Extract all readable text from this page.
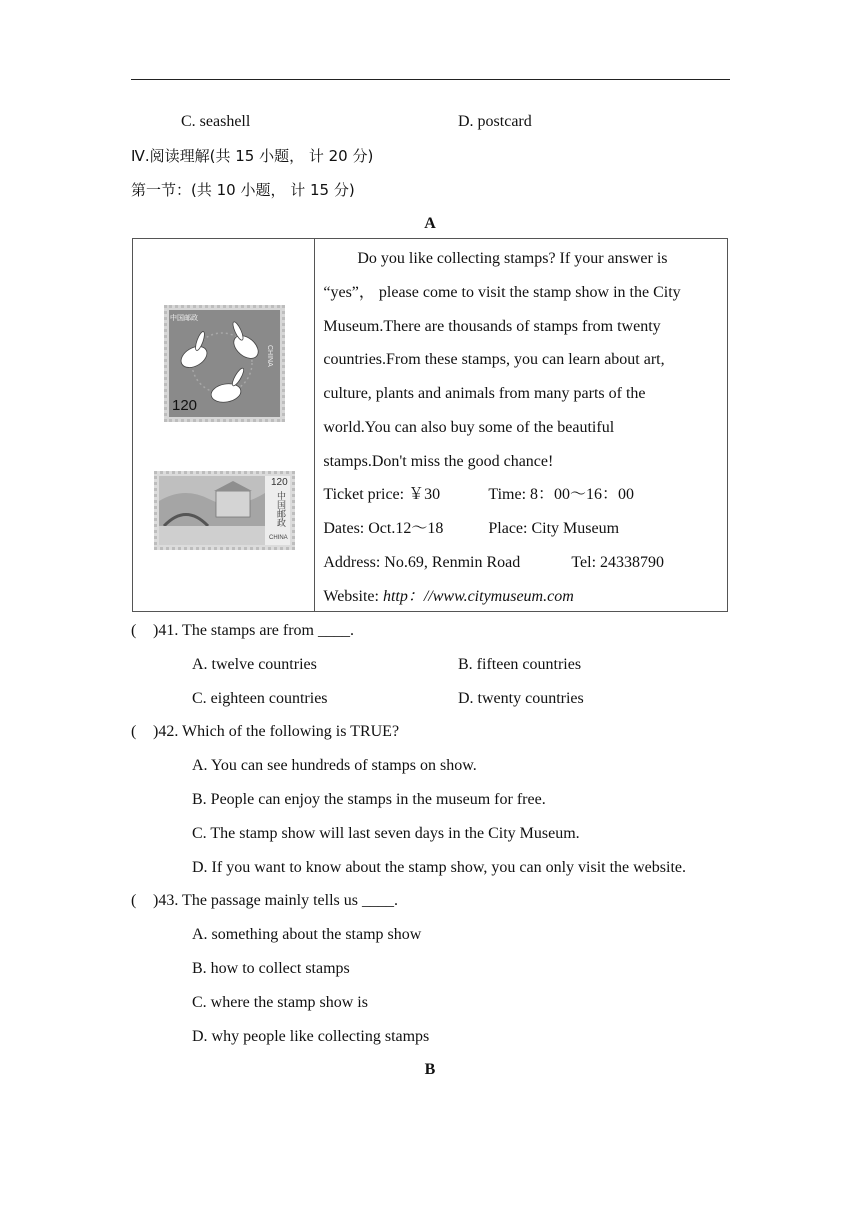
C. seashell	D. postcard
Ⅳ.阅读理解(共 15 小题， 计 20 分)
第一节：(共 10 小题， 计 15 分)
A
120
中国邮政
CHINA
120
中国邮政
CHINA

Do you like collecting stamps? If your answer is
“yes”， please come to visit the stamp show in the City
Museum.There are thousands of stamps from twenty
countries.From these stamps, you can learn about art,
culture, plants and animals from many parts of the
world.You can also buy some of the beautiful
stamps.Don't miss the good chance!
Ticket price: ￥30	Time: 8：00～16：00
Dates: Oct.12～18	Place: City Museum
Address: No.69, Renmin Road	Tel: 24338790
Website: http：//www.citymuseum.com
( )41. The stamps are from ____.
A. twelve countries	B. fifteen countries
C. eighteen countries	D. twenty countries
( )42. Which of the following is TRUE?
A. You can see hundreds of stamps on show.
B. People can enjoy the stamps in the museum for free.
C. The stamp show will last seven days in the City Museum.
D. If you want to know about the stamp show, you can only visit the website.
( )43. The passage mainly tells us ____.
A. something about the stamp show
B. how to collect stamps
C. where the stamp show is
D. why people like collecting stamps
B
